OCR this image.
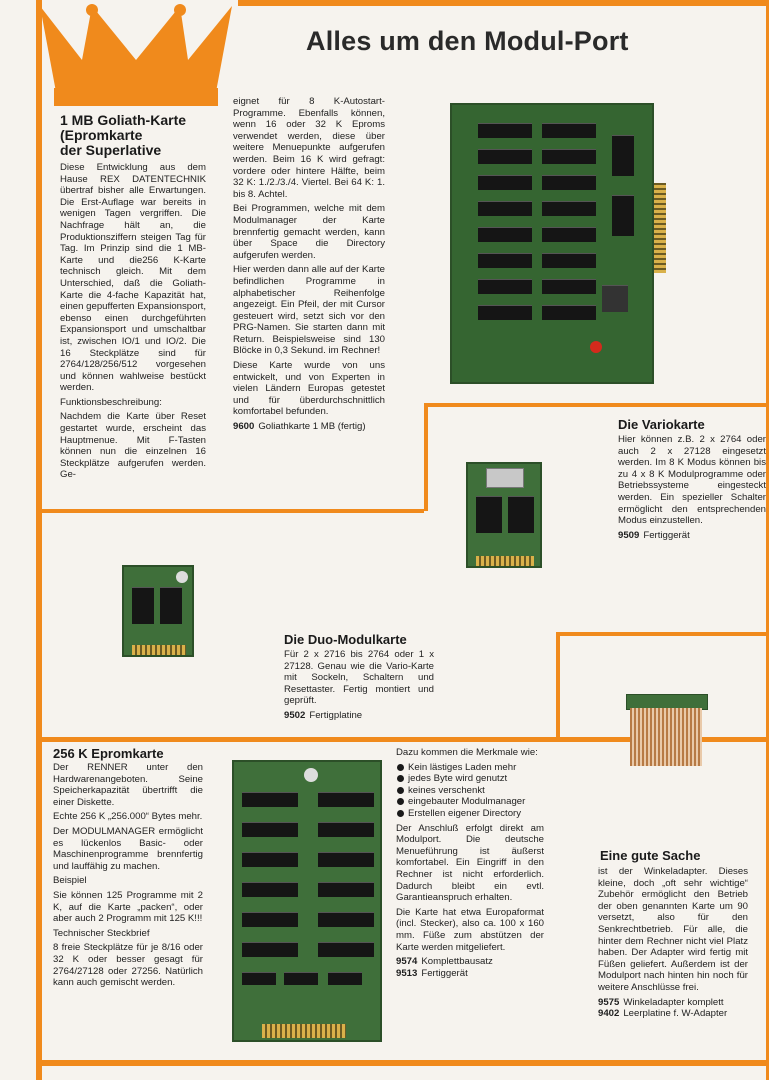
Alles um den Modul-Port
1 MB Goliath-Karte
(Epromkarte
der Superlative

Diese Entwicklung aus dem Hause REX DATENTECHNIK übertraf bisher alle Erwartungen. Die Erst-Auflage war bereits in wenigen Tagen vergriffen. Die Nachfrage hält an, die Produktionsziffern steigen Tag für Tag. Im Prinzip sind die 1 MB-Karte und die256 K-Karte technisch gleich. Mit dem Unterschied, daß die Goliath-Karte die 4-fache Kapazität hat, einen gepufferten Expansionsport, ebenso einen durchgeführten Expansionsport und umschaltbar ist, zwischen IO/1 und IO/2. Die 16 Steckplätze sind für 2764/128/256/512 vorgesehen und können wahlweise bestückt werden.

Funktionsbeschreibung:

Nachdem die Karte über Reset gestartet wurde, erscheint das Hauptmenue. Mit F-Tasten können nun die einzelnen 16 Steckplätze aufgerufen werden. Ge-

eignet für 8 K-Autostart-Programme. Ebenfalls können, wenn 16 oder 32 K Eproms verwendet werden, diese über weitere Menuepunkte aufgerufen werden. Beim 16 K wird gefragt: vordere oder hintere Hälfte, beim 32 K: 1./2./3./4. Viertel. Bei 64 K: 1. bis 8. Achtel.

Bei Programmen, welche mit dem Modulmanager der Karte brennfertig gemacht werden, kann über Space die Directory aufgerufen werden.

Hier werden dann alle auf der Karte befindlichen Programme in alphabetischer Reihenfolge angezeigt. Ein Pfeil, der mit Cursor gesteuert wird, setzt sich vor den PRG-Namen. Sie starten dann mit Return. Beispielsweise sind 130 Blöcke in 0,3 Sekund. im Rechner!

Diese Karte wurde von uns entwickelt, und von Experten in vielen Ländern Europas getestet und für überdurchschnittlich komfortabel befunden.

9600 Goliathkarte 1 MB (fertig)	Die Variokarte

Hier können z.B. 2 x 2764 oder auch 2 x 27128 eingesetzt werden. Im 8 K Modus können bis zu 4 x 8 K Modulprogramme oder Betriebssysteme eingesteckt werden. Ein spezieller Schalter ermöglicht den entsprechenden Modus einzustellen.

9509 Fertiggerät
Die Duo-Modulkarte

Für 2 x 2716 bis 2764 oder 1 x 27128. Genau wie die Vario-Karte mit Sockeln, Schaltern und Resettaster. Fertig montiert und geprüft.

9502 Fertigplatine
256 K Epromkarte

Der RENNER unter den Hardwarenangeboten. Seine Speicherkapazität übertrifft die einer Diskette.

Echte 256 K „256.000“ Bytes mehr.

Der MODULMANAGER ermöglicht es lückenlos Basic- oder Maschinenprogramme brennfertig und lauffähig zu machen.

Beispiel

Sie können 125 Programme mit 2 K, auf die Karte „packen“, oder aber auch 2 Programm mit 125 K!!!

Technischer Steckbrief

8 freie Steckplätze für je 8/16 oder 32 K oder besser gesagt für 2764/27128 oder 27256. Natürlich kann auch gemischt werden.

Dazu kommen die Merkmale wie:

Kein lästiges Laden mehr
jedes Byte wird genutzt
keines verschenkt
eingebauter Modulmanager
Erstellen eigener Directory

Der Anschluß erfolgt direkt am Modulport. Die deutsche Menueführung ist äußerst komfortabel. Ein Eingriff in den Rechner ist nicht erforderlich. Dadurch bleibt ein evtl. Garantieanspruch erhalten.

Die Karte hat etwa Europaformat (incl. Stecker), also ca. 100 x 160 mm. Füße zum abstützen der Karte werden mitgeliefert.

9574 Komplettbausatz
9513 Fertiggerät
Eine gute Sache

ist der Winkeladapter. Dieses kleine, doch „oft sehr wichtige“ Zubehör ermöglicht den Betrieb der oben genannten Karte um 90 versetzt, also für den Senkrechtbetrieb. Für alle, die hinter dem Rechner nicht viel Platz haben. Der Adapter wird fertig mit Füßen geliefert. Außerdem ist der Modulport nach hinten hin noch für weitere Anschlüsse frei.

9575 Winkeladapter komplett
9402 Leerplatine f. W-Adapter
